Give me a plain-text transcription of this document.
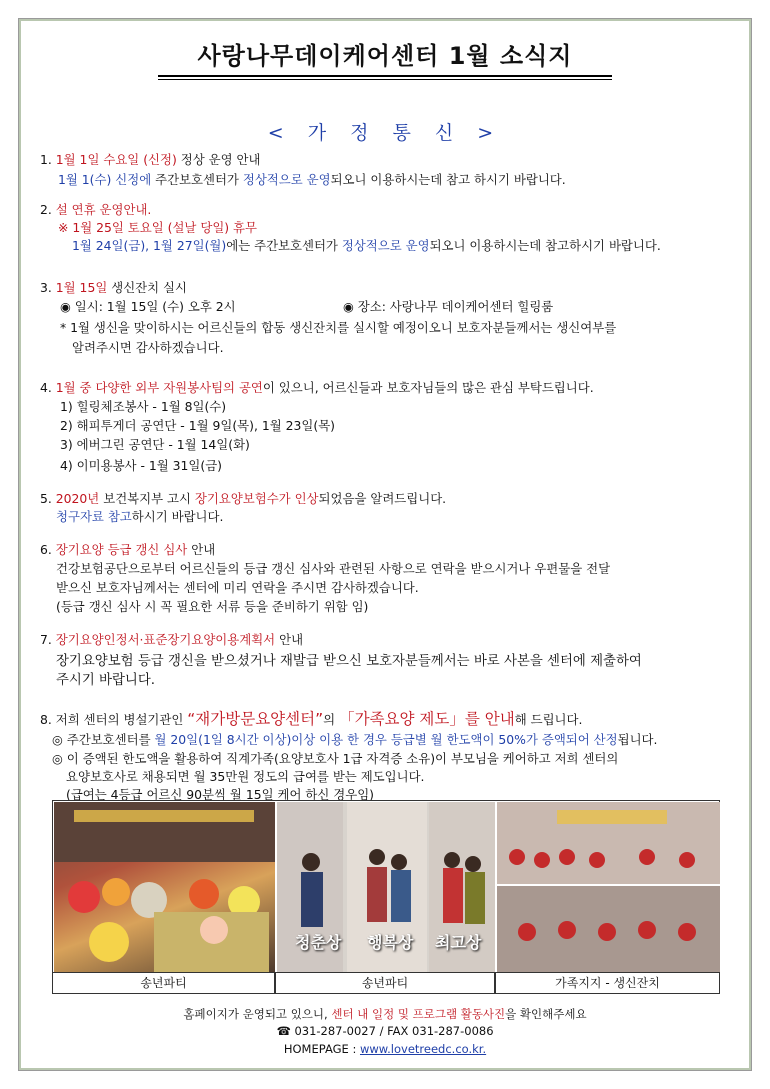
사랑나무데이케어센터 1월 소식지
< 가 정 통 신 >
1. 1월 1일 수요일 (신정) 정상 운영 안내
1월 1(수) 신정에 주간보호센터가 정상적으로 운영되오니 이용하시는데 참고 하시기 바랍니다.
2. 설 연휴 운영안내.
※ 1월 25일 토요일 (설날 당일) 휴무
1월 24일(금), 1월 27일(월)에는 주간보호센터가 정상적으로 운영되오니 이용하시는데 참고하시기 바랍니다.
3. 1월 15일 생신잔치 실시
◉ 일시: 1월 15일 (수) 오후 2시	◉ 장소: 사랑나무 데이케어센터 힐링룸
* 1월 생신을 맞이하시는 어르신들의 합동 생신잔치를 실시할 예정이오니 보호자분들께서는 생신여부를
알려주시면 감사하겠습니다.
4. 1월 중 다양한 외부 자원봉사팀의 공연이 있으니, 어르신들과 보호자님들의 많은 관심 부탁드립니다.
1) 힐링체조봉사 - 1월 8일(수)
2) 해피투게더 공연단 - 1월 9일(목), 1월 23일(목)
3) 에버그린 공연단 - 1월 14일(화)
4) 이미용봉사 - 1월 31일(금)
5. 2020년 보건복지부 고시 장기요양보험수가 인상되었음을 알려드립니다.
청구자료 참고하시기 바랍니다.
6. 장기요양 등급 갱신 심사 안내
건강보험공단으로부터 어르신들의 등급 갱신 심사와 관련된 사항으로 연락을 받으시거나 우편물을 전달
받으신 보호자님께서는 센터에 미리 연락을 주시면 감사하겠습니다.
(등급 갱신 심사 시 꼭 필요한 서류 등을 준비하기 위함 임)
7. 장기요양인정서·표준장기요양이용계획서 안내
장기요양보험 등급 갱신을 받으셨거나 재발급 받으신 보호자분들께서는 바로 사본을 센터에 제출하여
주시기 바랍니다.
8. 저희 센터의 병설기관인 “재가방문요양센터”의 「가족요양 제도」를 안내해 드립니다.
◎ 주간보호센터를 월 20일(1일 8시간 이상)이상 이용 한 경우 등급별 월 한도액이 50%가 증액되어 산정됩니다.
◎ 이 증액된 한도액을 활용하여 직계가족(요양보호사 1급 자격증 소유)이 부모님을 케어하고 저희 센터의
요양보호사로 채용되면 월 35만원 정도의 급여를 받는 제도입니다.
(급여는 4등급 어르신 90분씩 월 15일 케어 하신 경우임)
청춘상 행복상 최고상
송년파티	송년파티	가족지지 - 생신잔치
홈페이지가 운영되고 있으니, 센터 내 일정 및 프로그램 활동사진을 확인해주세요
☎ 031-287-0027 / FAX 031-287-0086
HOMEPAGE : www.lovetreedc.co.kr.
